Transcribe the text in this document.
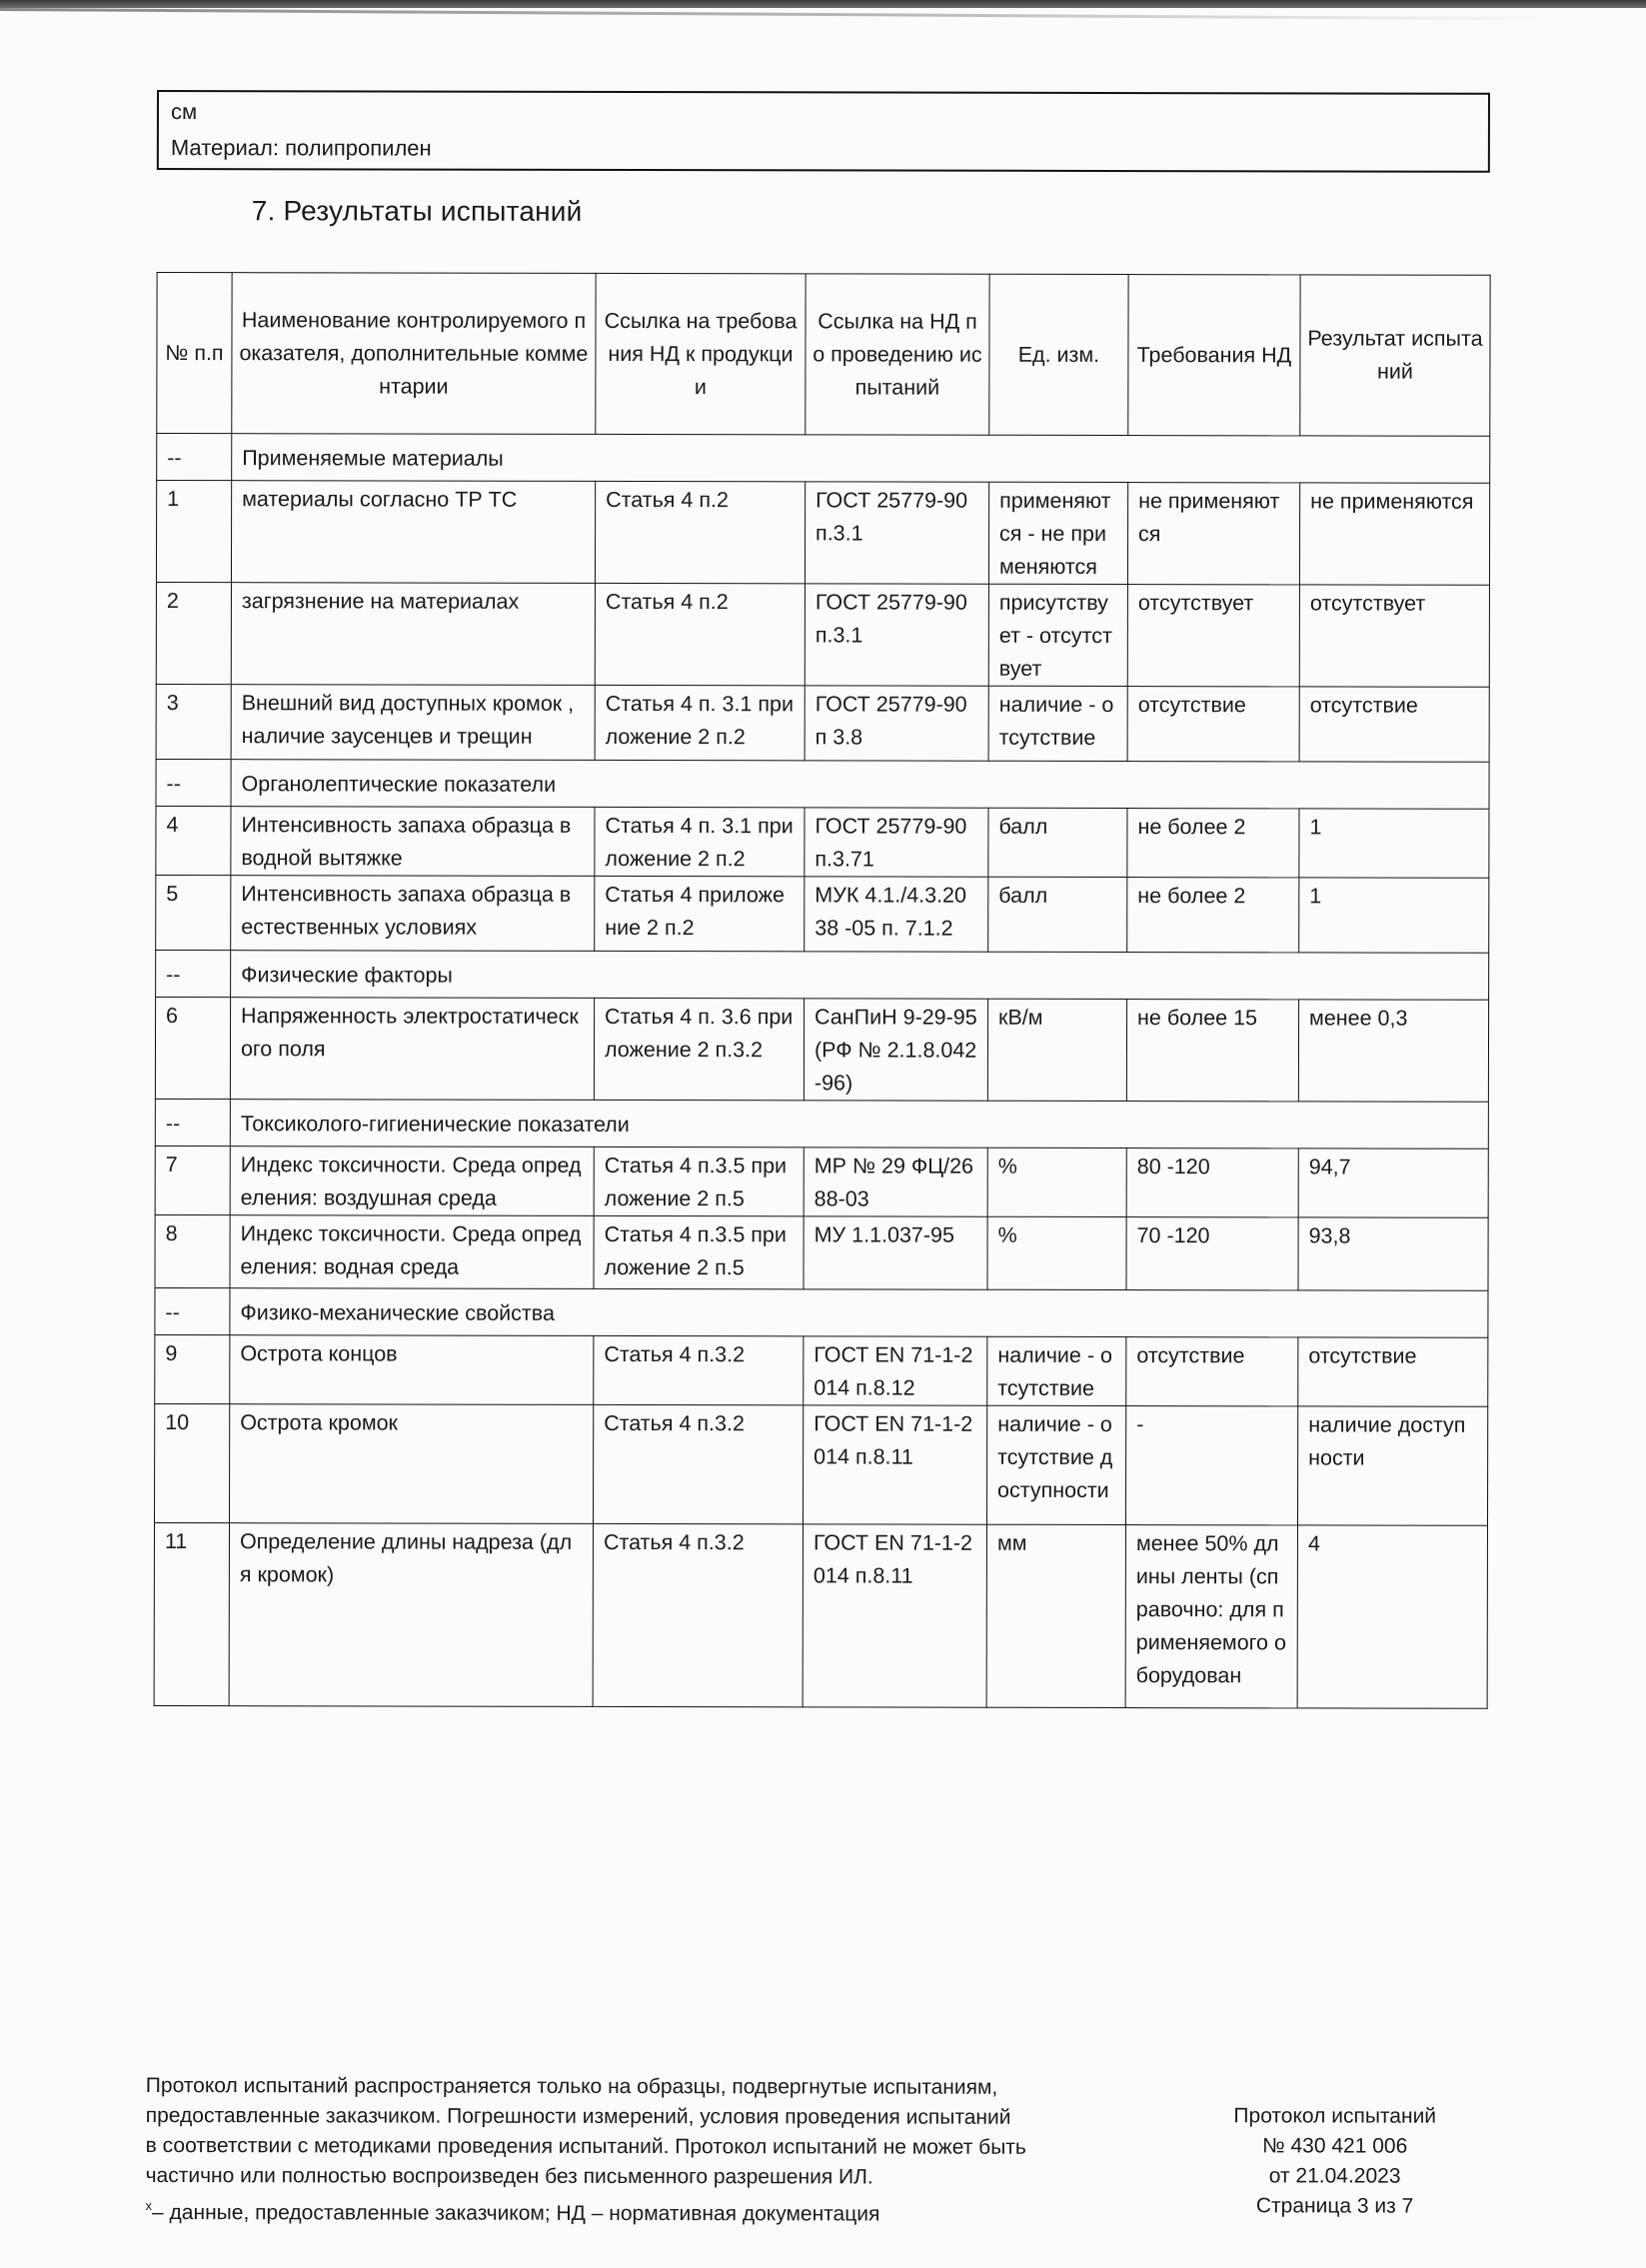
см
Материал: полипропилен
7. Результаты испытаний
№ п.п	Наименование контролируемого показателя, дополнительные комментарии	Ссылка на требования НД к продукции	Ссылка на НД по проведению испытаний	Ед. изм.	Требования НД	Результат испытаний
--	Применяемые материалы					
1	материалы согласно ТР ТС	Статья 4 п.2	ГОСТ 25779-90 п.3.1	применяются - не применяются	не применяются	не применяются
2	загрязнение на материалах	Статья 4 п.2	ГОСТ 25779-90 п.3.1	присутствует - отсутствует	отсутствует	отсутствует
3	Внешний вид доступных кромок , наличие заусенцев и трещин	Статья 4 п. 3.1 приложение 2 п.2	ГОСТ 25779-90 п 3.8	наличие - отсутствие	отсутствие	отсутствие
--	Органолептические показатели					
4	Интенсивность запаха образца в водной вытяжке	Статья 4 п. 3.1 приложение 2 п.2	ГОСТ 25779-90 п.3.71	балл	не более 2	1
5	Интенсивность запаха образца в естественных условиях	Статья 4 приложение 2 п.2	МУК 4.1./4.3.2038 -05 п. 7.1.2	балл	не более 2	1
--	Физические факторы					
6	Напряженность электростатического поля	Статья 4 п. 3.6 приложение 2 п.3.2	СанПиН 9-29-95 (РФ № 2.1.8.042-96)	кВ/м	не более 15	менее 0,3
--	Токсиколого-гигиенические показатели					
7	Индекс токсичности. Среда определения: воздушная среда	Статья 4 п.3.5 приложение 2 п.5	МР № 29 ФЦ/2688-03	%	80 -120	94,7
8	Индекс токсичности. Среда определения: водная среда	Статья 4 п.3.5 приложение 2 п.5	МУ 1.1.037-95	%	70 -120	93,8
--	Физико-механические свойства					
9	Острота концов	Статья 4 п.3.2	ГОСТ EN 71-1-2014 п.8.12	наличие - отсутствие	отсутствие	отсутствие
10	Острота кромок	Статья 4 п.3.2	ГОСТ EN 71-1-2014 п.8.11	наличие - отсутствие доступности	-	наличие доступности
11	Определение длины надреза (для кромок)	Статья 4 п.3.2	ГОСТ EN 71-1-2014 п.8.11	мм	менее 50% длины ленты (справочно: для применяемого оборудован	4
Протокол испытаний распространяется только на образцы, подвергнутые испытаниям,
предоставленные заказчиком. Погрешности измерений, условия проведения испытаний
в соответствии с методиками проведения испытаний. Протокол испытаний не может быть
частично или полностью воспроизведен без письменного разрешения ИЛ.
$^x$– данные, предоставленные заказчиком; НД – нормативная документация
Протокол испытаний
№ 430 421 006
от 21.04.2023
Страница 3 из 7
